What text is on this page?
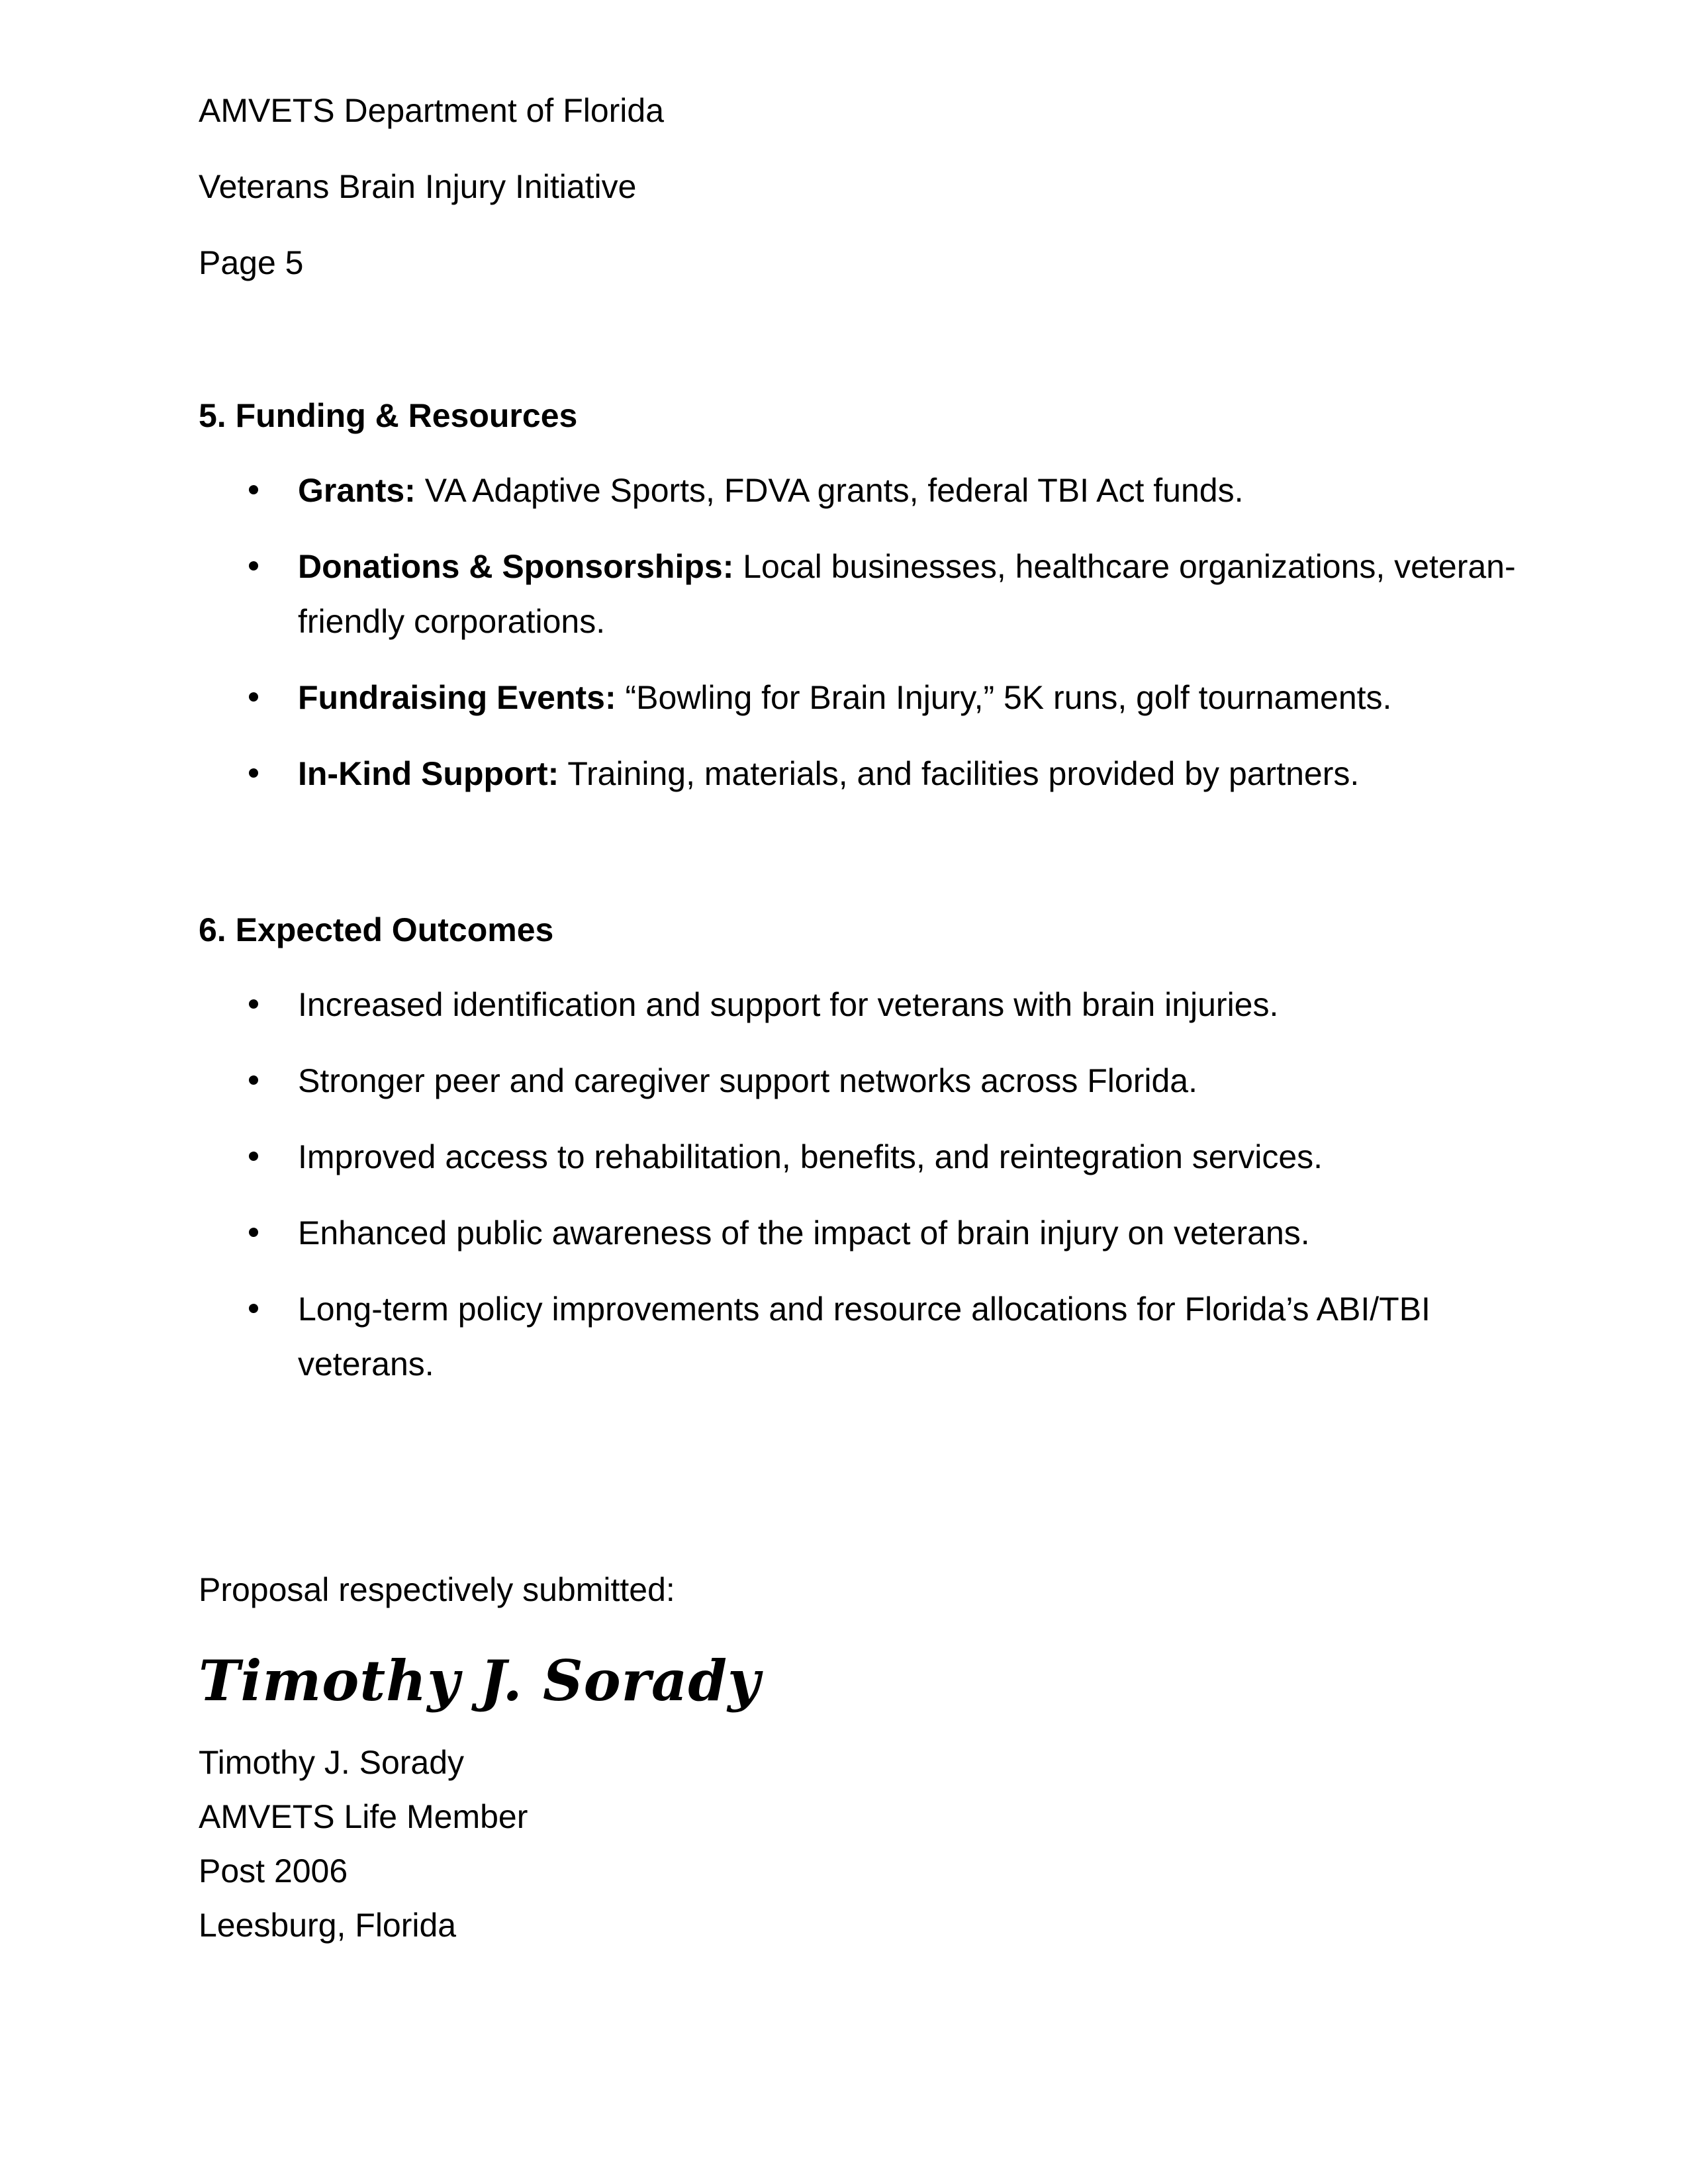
AMVETS Department of Florida
Veterans Brain Injury Initiative
Page 5
5. Funding & Resources
Grants: VA Adaptive Sports, FDVA grants, federal TBI Act funds.
Donations & Sponsorships: Local businesses, healthcare organizations, veteran-friendly corporations.
Fundraising Events: “Bowling for Brain Injury,” 5K runs, golf tournaments.
In-Kind Support: Training, materials, and facilities provided by partners.
6. Expected Outcomes
Increased identification and support for veterans with brain injuries.
Stronger peer and caregiver support networks across Florida.
Improved access to rehabilitation, benefits, and reintegration services.
Enhanced public awareness of the impact of brain injury on veterans.
Long-term policy improvements and resource allocations for Florida’s ABI/TBI veterans.
Proposal respectively submitted:
Timothy J. Sorady
Timothy J. Sorady
AMVETS Life Member
Post 2006
Leesburg, Florida
